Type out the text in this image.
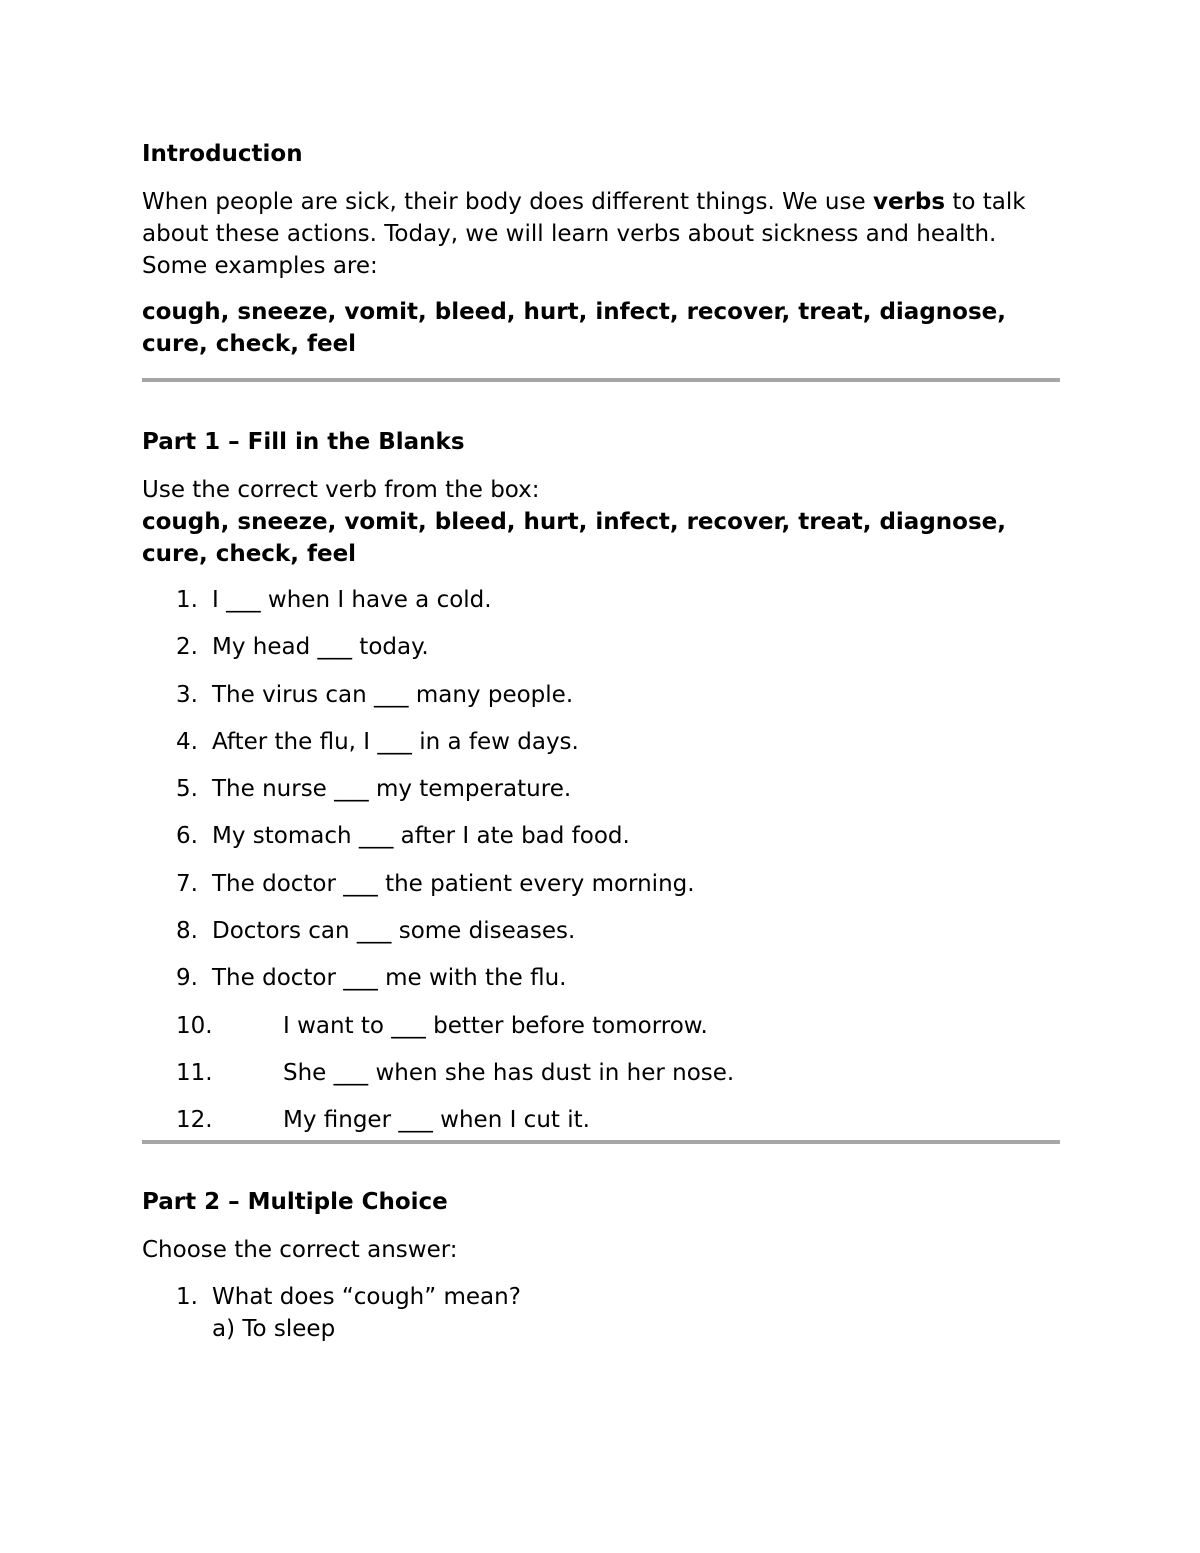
Introduction

When people are sick, their body does different things. We use verbs to talk about these actions. Today, we will learn verbs about sickness and health. Some examples are:

cough, sneeze, vomit, bleed, hurt, infect, recover, treat, diagnose,
cure, check, feel

Part 1 – Fill in the Blanks

Use the correct verb from the box:

cough, sneeze, vomit, bleed, hurt, infect, recover, treat, diagnose,
cure, check, feel

1. I ___ when I have a cold.
2. My head ___ today.
3. The virus can ___ many people.
4. After the flu, I ___ in a few days.
5. The nurse ___ my temperature.
6. My stomach ___ after I ate bad food.
7. The doctor ___ the patient every morning.
8. Doctors can ___ some diseases.
9. The doctor ___ me with the flu.
10.	I want to ___ better before tomorrow.
11.	She ___ when she has dust in her nose.
12.	My finger ___ when I cut it.

Part 2 – Multiple Choice

Choose the correct answer:

1. What does “cough” mean?
a) To sleep
